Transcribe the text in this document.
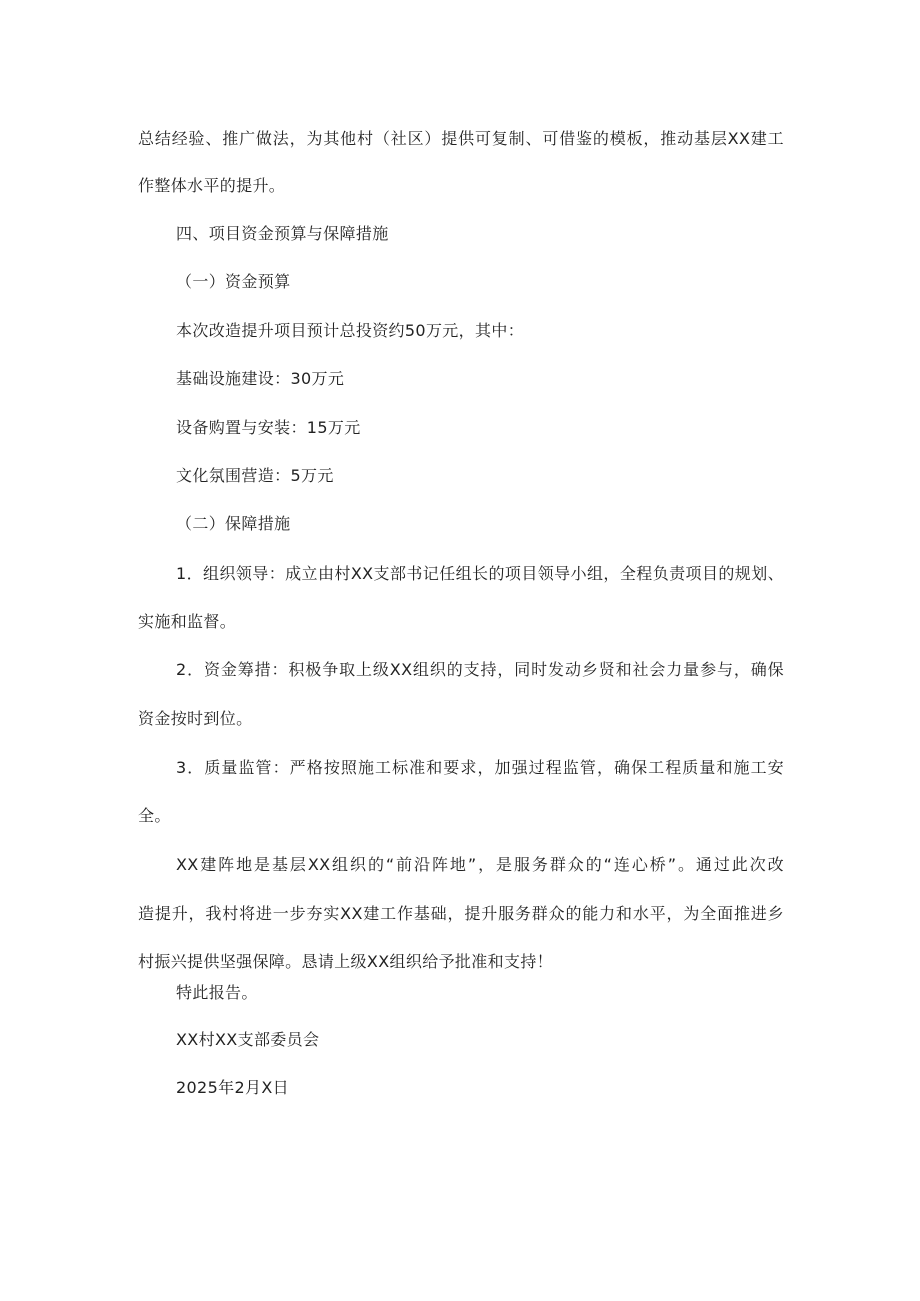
总结经验、推广做法，为其他村（社区）提供可复制、可借鉴的模板，推动基层XX建工
作整体水平的提升。
四、项目资金预算与保障措施
（一）资金预算
本次改造提升项目预计总投资约50万元，其中：
基础设施建设：30万元
设备购置与安装：15万元
文化氛围营造：5万元
（二）保障措施
1．组织领导：成立由村XX支部书记任组长的项目领导小组，全程负责项目的规划、
实施和监督。
2．资金筹措：积极争取上级XX组织的支持，同时发动乡贤和社会力量参与，确保
资金按时到位。
3．质量监管：严格按照施工标准和要求，加强过程监管，确保工程质量和施工安
全。
XX建阵地是基层XX组织的“前沿阵地”，是服务群众的“连心桥”。通过此次改
造提升，我村将进一步夯实XX建工作基础，提升服务群众的能力和水平，为全面推进乡
村振兴提供坚强保障。恳请上级XX组织给予批准和支持！
特此报告。
XX村XX支部委员会
2025年2月X日
